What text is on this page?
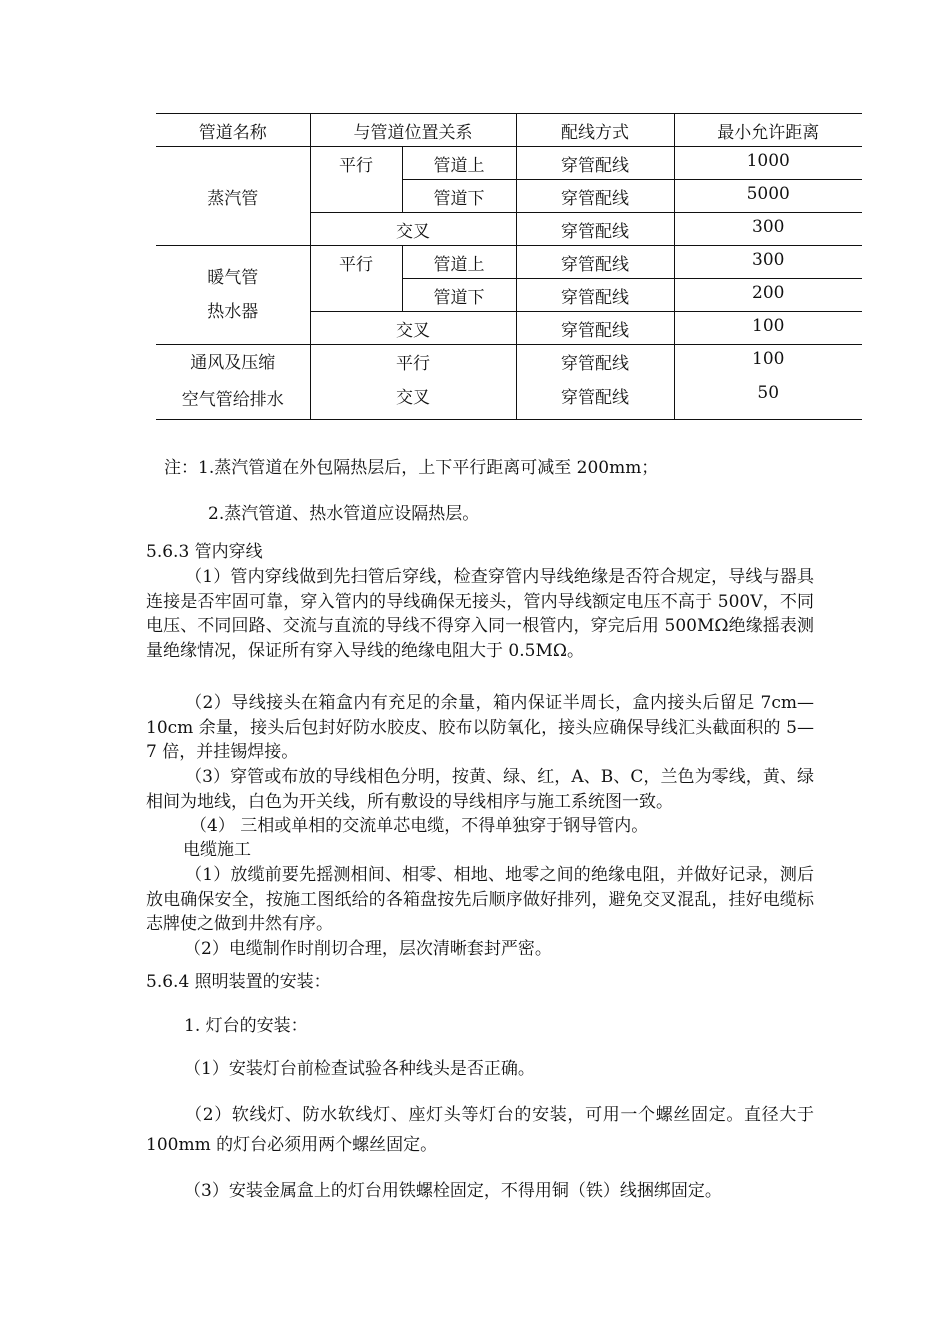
管道名称	与管道位置关系		配线方式	最小允许距离
蒸汽管	平行	管道上	穿管配线	1000
		管道下	穿管配线	5000
	交叉		穿管配线	300

暖气管
热水器	平行	管道上	穿管配线	300
		管道下	穿管配线	200
	交叉		穿管配线	100

通风及压缩
空气管给排水	平行		穿管配线	100
	交叉		穿管配线	50
注：1.蒸汽管道在外包隔热层后，上下平行距离可减至 200mm；
2.蒸汽管道、热水管道应设隔热层。
5.6.3 管内穿线
（1）管内穿线做到先扫管后穿线，检查穿管内导线绝缘是否符合规定，导线与器具连接是否牢固可靠，穿入管内的导线确保无接头，管内导线额定电压不高于 500V，不同电压、不同回路、交流与直流的导线不得穿入同一根管内，穿完后用 500MΩ绝缘摇表测量绝缘情况，保证所有穿入导线的绝缘电阻大于 0.5MΩ。
（2）导线接头在箱盒内有充足的余量，箱内保证半周长，盒内接头后留足 7cm—10cm 余量，接头后包封好防水胶皮、胶布以防氧化，接头应确保导线汇头截面积的 5—7 倍，并挂锡焊接。
（3）穿管或布放的导线相色分明，按黄、绿、红，A、B、C，兰色为零线，黄、绿相间为地线，白色为开关线，所有敷设的导线相序与施工系统图一致。
（4） 三相或单相的交流单芯电缆，不得单独穿于钢导管内。
电缆施工
（1）放缆前要先摇测相间、相零、相地、地零之间的绝缘电阻，并做好记录，测后放电确保安全，按施工图纸给的各箱盘按先后顺序做好排列，避免交叉混乱，挂好电缆标志牌使之做到井然有序。
（2）电缆制作时削切合理，层次清晰套封严密。
5.6.4 照明装置的安装：
1. 灯台的安装：
（1）安装灯台前检查试验各种线头是否正确。
（2）软线灯、防水软线灯、座灯头等灯台的安装，可用一个螺丝固定。直径大于 100mm 的灯台必须用两个螺丝固定。
（3）安装金属盒上的灯台用铁螺栓固定，不得用铜（铁）线捆绑固定。
